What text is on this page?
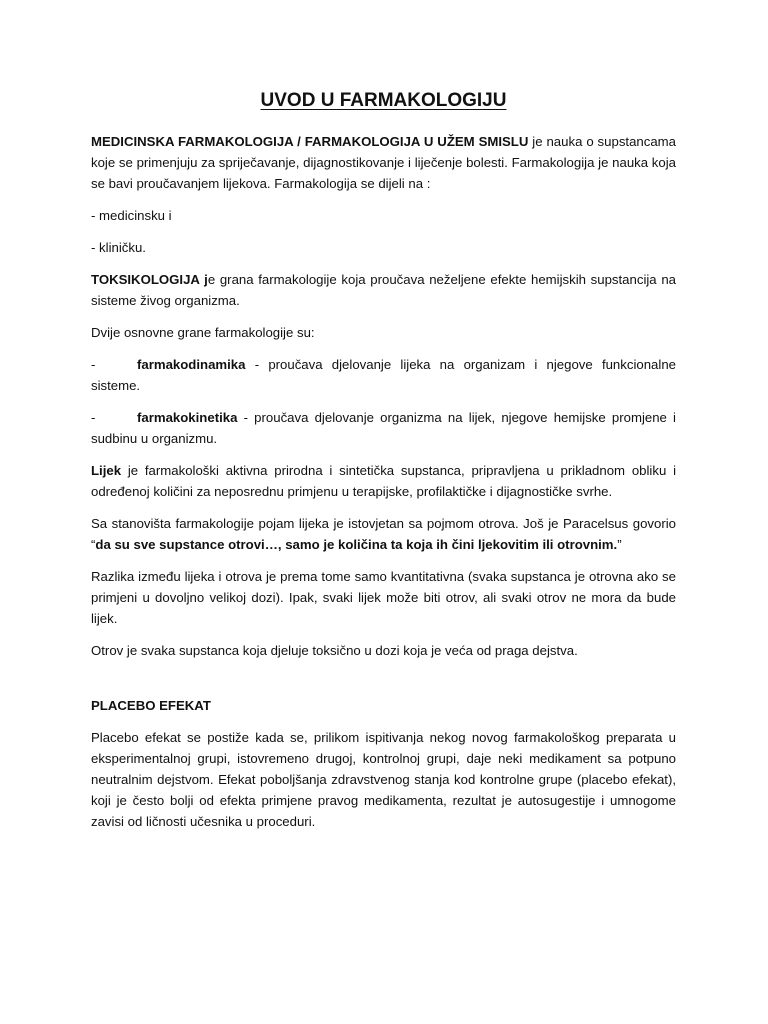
UVOD U FARMAKOLOGIJU

MEDICINSKA FARMAKOLOGIJA / FARMAKOLOGIJA U UŽEM SMISLU je nauka o supstancama koje se primenjuju za spriječavanje, dijagnostikovanje i liječenje bolesti. Farmakologija je nauka koja se bavi proučavanjem lijekova. Farmakologija se dijeli na :

- medicinsku i

- kliničku.

TOKSIKOLOGIJA je grana farmakologije koja proučava neželjene efekte hemijskih supstancija na sisteme živog organizma.

Dvije osnovne grane farmakologije su:

-	farmakodinamika - proučava djelovanje lijeka na organizam i njegove funkcionalne sisteme.
-	farmakokinetika - proučava djelovanje organizma na lijek, njegove hemijske promjene i sudbinu u organizmu.

Lijek je farmakološki aktivna prirodna i sintetička supstanca, pripravljena u prikladnom obliku i određenoj količini za neposrednu primjenu u terapijske, profilaktičke i dijagnostičke svrhe.

Sa stanovišta farmakologije pojam lijeka je istovjetan sa pojmom otrova. Još je Paracelsus govorio “da su sve supstance otrovi…, samo je količina ta koja ih čini ljekovitim ili otrovnim.”

Razlika između lijeka i otrova je prema tome samo kvantitativna (svaka supstanca je otrovna ako se primjeni u dovoljno velikoj dozi). Ipak, svaki lijek može biti otrov, ali svaki otrov ne mora da bude lijek.

Otrov je svaka supstanca koja djeluje toksično u dozi koja je veća od praga dejstva.

PLACEBO EFEKAT

Placebo efekat se postiže kada se, prilikom ispitivanja nekog novog farmakološkog preparata u eksperimentalnoj grupi, istovremeno drugoj, kontrolnoj grupi, daje neki medikament sa potpuno neutralnim dejstvom. Efekat poboljšanja zdravstvenog stanja kod kontrolne grupe (placebo efekat), koji je često bolji od efekta primjene pravog medikamenta, rezultat je autosugestije i umnogome zavisi od ličnosti učesnika u proceduri.
